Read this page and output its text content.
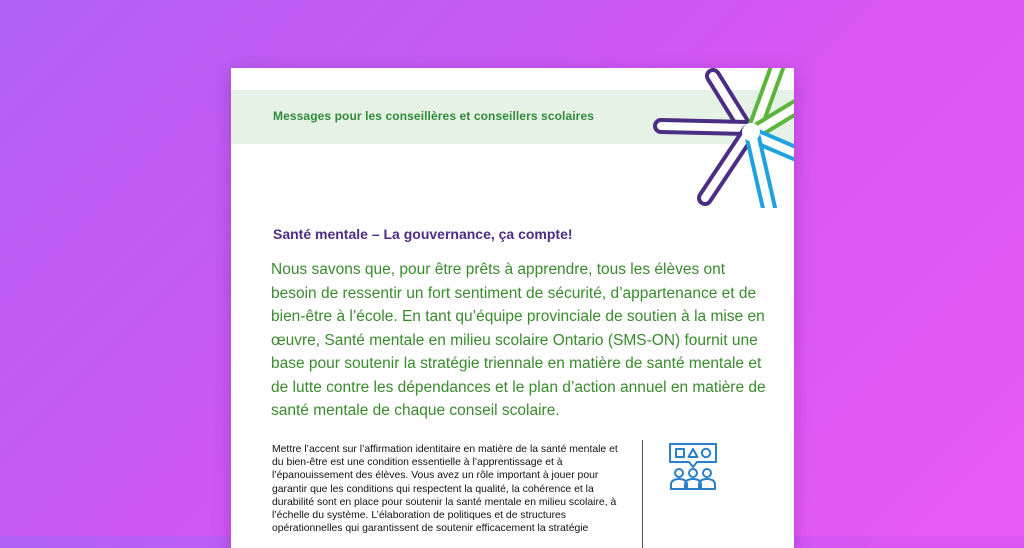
Messages pour les conseillères et conseillers scolaires
Santé mentale – La gouvernance, ça compte!

Nous savons que, pour être prêts à apprendre, tous les élèves ont besoin de ressentir un fort sentiment de sécurité, d’appartenance et de bien-être à l’école. En tant qu’équipe provinciale de soutien à la mise en œuvre, Santé mentale en milieu scolaire Ontario (SMS-ON) fournit une base pour soutenir la stratégie triennale en matière de santé mentale et de lutte contre les dépendances et le plan d’action annuel en matière de santé mentale de chaque conseil scolaire.

Mettre l’accent sur l’affirmation identitaire en matière de la santé mentale et du bien-être est une condition essentielle à l’apprentissage et à l’épanouissement des élèves. Vous avez un rôle important à jouer pour garantir que les conditions qui respectent la qualité, la cohérence et la durabilité sont en place pour soutenir la santé mentale en milieu scolaire, à l’échelle du système. L’élaboration de politiques et de structures opérationnelles qui garantissent de soutenir efficacement la stratégie
